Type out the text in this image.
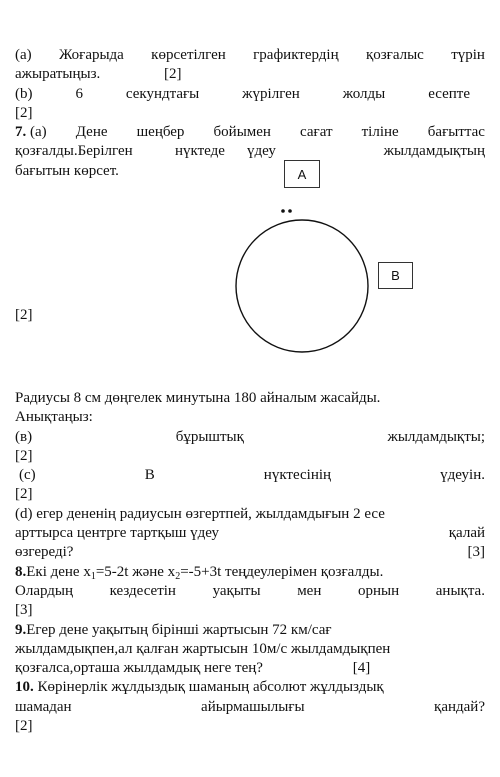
(a) Жоғарыда көрсетілген графиктердің қозғалыс түрін
ажыратыңыз.	[2]
(b)	6	секундтағы	жүрілген	жолды	есепте
[2]
7. (a) Дене шеңбер бойымен сағат тіліне бағыттас
қозғалды.Берілген	нүктеде үдеу	жылдамдықтың
бағытын көрсет.	A
B
[2]
Радиусы 8 см дөңгелек минутына 180 айналым жасайды.
Анықтаңыз:
(в)	бұрыштық	жылдамдықты;
[2]
(c)	В	нүктесінің	үдеуін.
[2]
(d) егер дененің радиусын өзгертпей, жылдамдығын 2 есе
арттырса центрге тартқыш үдеу	қалай
өзгереді?	[3]
8.Екі дене $x_1=5-2t$ және $x_2=-5+3t$ теңдеулерімен қозғалды.
Олардың кездесетін уақыты мен орнын анықта.
[3]
9.Егер дене уақытың бірінші жартысын 72 км/сағ
жылдамдықпен,ал қалған жартысын 10м/с жылдамдықпен
қозғалса,орташа жылдамдық неге тең?	[4]
10. Көрінерлік жұлдыздық шаманың абсолют жұлдыздық
шамадан	айырмашылығы	қандай?
[2]
